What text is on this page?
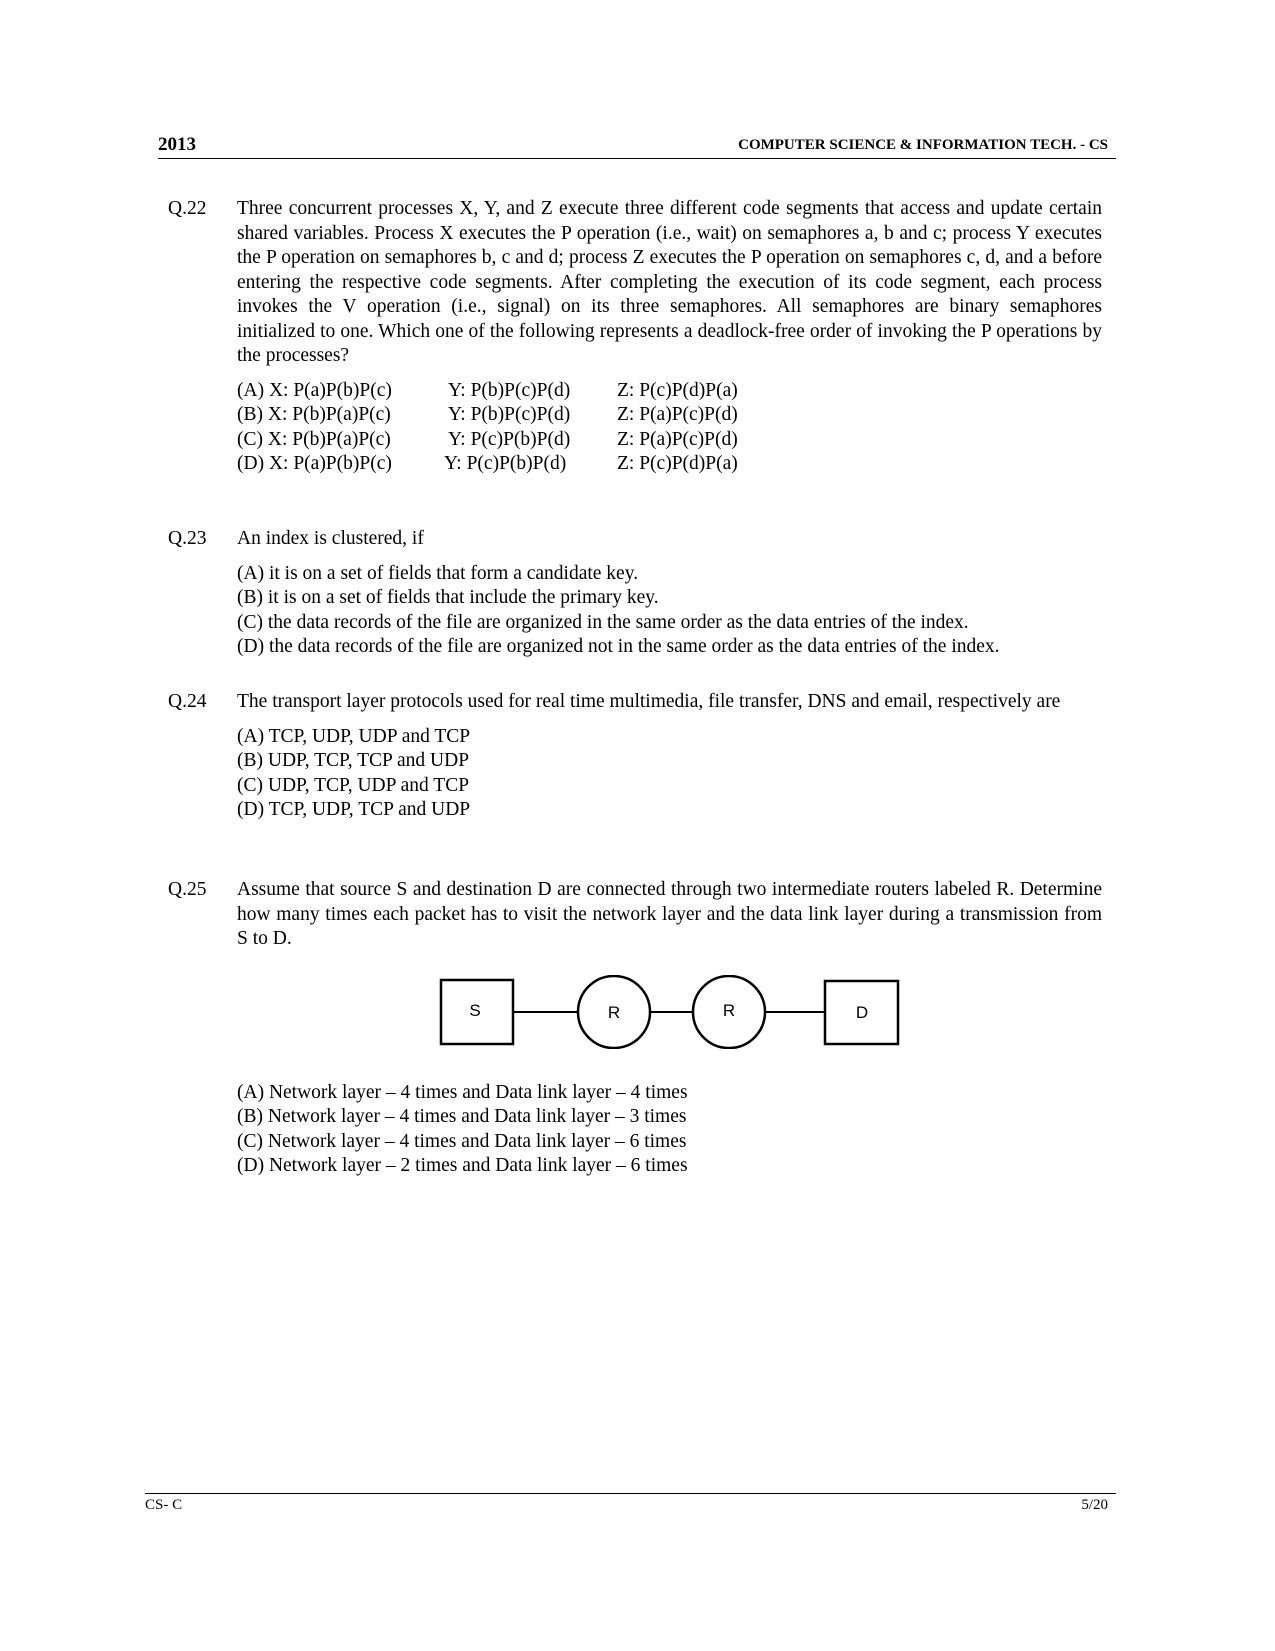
2013	COMPUTER SCIENCE & INFORMATION TECH. - CS
Q.22 Three concurrent processes X, Y, and Z execute three different code segments that access and update certain shared variables. Process X executes the P operation (i.e., wait) on semaphores a, b and c; process Y executes the P operation on semaphores b, c and d; process Z executes the P operation on semaphores c, d, and a before entering the respective code segments. After completing the execution of its code segment, each process invokes the V operation (i.e., signal) on its three semaphores. All semaphores are binary semaphores initialized to one. Which one of the following represents a deadlock-free order of invoking the P operations by the processes?
(A) X: P(a)P(b)P(c)	Y: P(b)P(c)P(d) Z: P(c)P(d)P(a)
(B) X: P(b)P(a)P(c)	Y: P(b)P(c)P(d) Z: P(a)P(c)P(d)
(C) X: P(b)P(a)P(c)	Y: P(c)P(b)P(d) Z: P(a)P(c)P(d)
(D) X: P(a)P(b)P(c)	Y: P(c)P(b)P(d)	Z: P(c)P(d)P(a)
Q.23 An index is clustered, if
(A) it is on a set of fields that form a candidate key.
(B) it is on a set of fields that include the primary key.
(C) the data records of the file are organized in the same order as the data entries of the index.
(D) the data records of the file are organized not in the same order as the data entries of the index.
Q.24 The transport layer protocols used for real time multimedia, file transfer, DNS and email, respectively are
(A) TCP, UDP, UDP and TCP
(B) UDP, TCP, TCP and UDP
(C) UDP, TCP, UDP and TCP
(D) TCP, UDP, TCP and UDP
Q.25 Assume that source S and destination D are connected through two intermediate routers labeled R. Determine how many times each packet has to visit the network layer and the data link layer during a transmission from S to D.
(A) Network layer – 4 times and Data link layer – 4 times
(B) Network layer – 4 times and Data link layer – 3 times
(C) Network layer – 4 times and Data link layer – 6 times
(D) Network layer – 2 times and Data link layer – 6 times
S	R	R	D
CS- C	5/20
